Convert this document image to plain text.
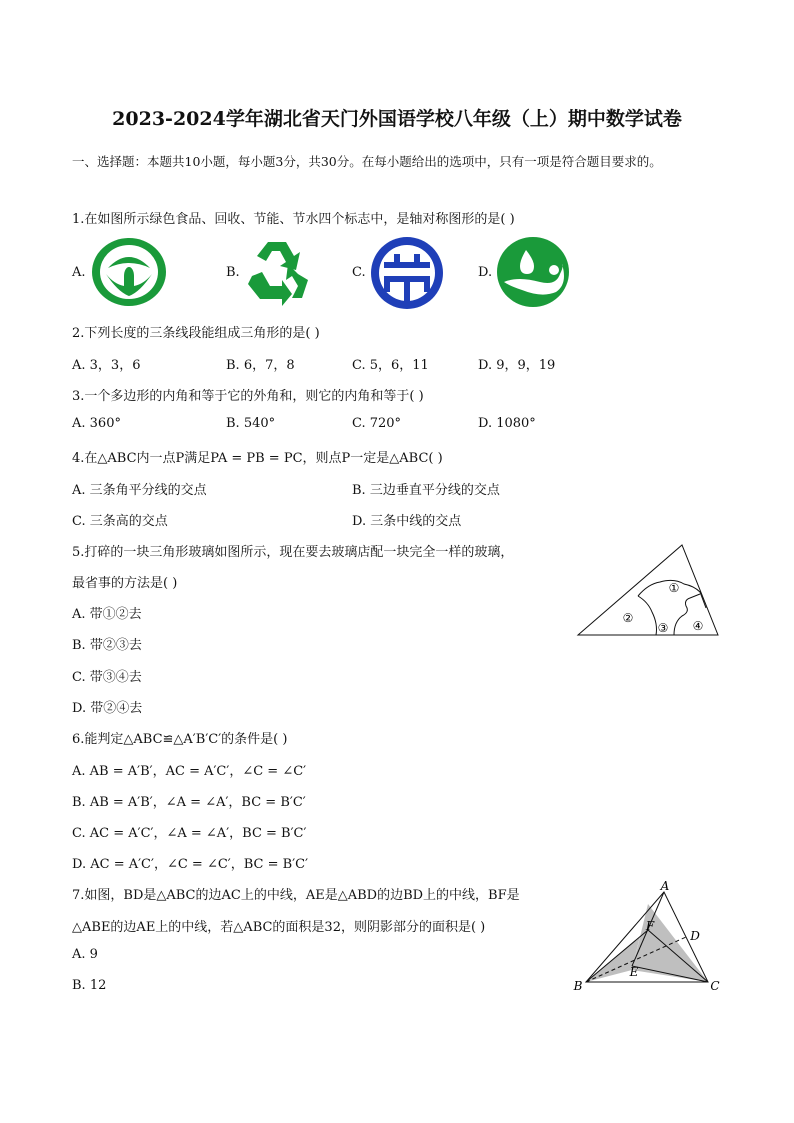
2023-2024学年湖北省天门外国语学校八年级（上）期中数学试卷
一、选择题：本题共10小题，每小题3分，共30分。在每小题给出的选项中，只有一项是符合题目要求的。
1.在如图所示绿色食品、回收、节能、节水四个标志中，是轴对称图形的是( )
A.	B.	C.	D.
2.下列长度的三条线段能组成三角形的是( )
A. 3，3，6	B. 6，7，8	C. 5，6，11	D. 9，9，19
3.一个多边形的内角和等于它的外角和，则它的内角和等于( )
A. 360°	B. 540°	C. 720°	D. 1080°
4.在△ABC内一点P满足PA = PB = PC，则点P一定是△ABC( )
A. 三条角平分线的交点	B. 三边垂直平分线的交点
C. 三条高的交点	D. 三条中线的交点
5.打碎的一块三角形玻璃如图所示，现在要去玻璃店配一块完全一样的玻璃，
最省事的方法是( )
A. 带①②去
B. 带②③去
C. 带③④去
D. 带②④去
①
②
③ ④
6.能判定△ABC≌△A′B′C′的条件是( )
A. AB = A′B′，AC = A′C′，∠C = ∠C′
B. AB = A′B′，∠A = ∠A′，BC = B′C′
C. AC = A′C′，∠A = ∠A′，BC = B′C′
D. AC = A′C′，∠C = ∠C′，BC = B′C′
7.如图，BD是△ABC的边AC上的中线，AE是△ABD的边BD上的中线，BF是
△ABE的边AE上的中线，若△ABC的面积是32，则阴影部分的面积是( )
A. 9
B. 12
A
B	C
D
E
F
